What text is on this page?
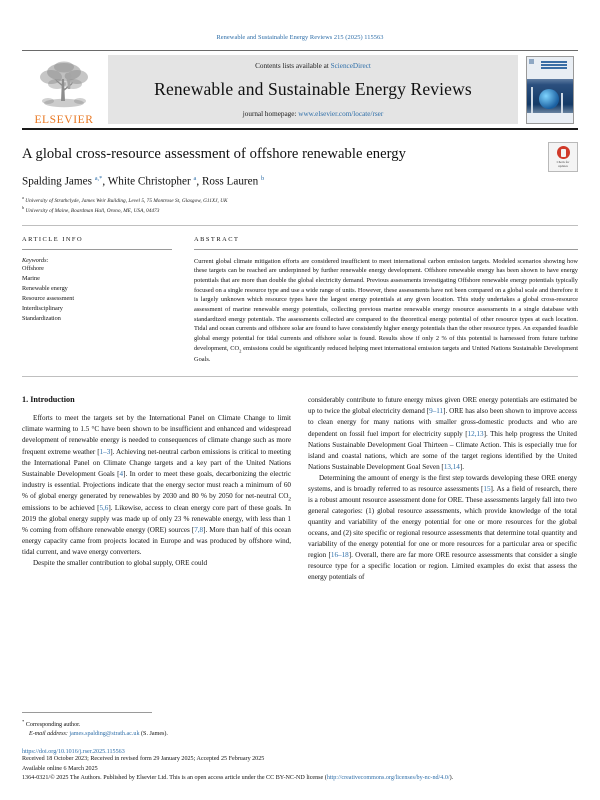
Renewable and Sustainable Energy Reviews 215 (2025) 115563
ELSEVIER
Contents lists available at ScienceDirect
Renewable and Sustainable Energy Reviews
journal homepage: www.elsevier.com/locate/rser
Check for
updates
A global cross-resource assessment of offshore renewable energy
Spalding James $^{a,*}$, White Christopher $^a$, Ross Lauren $^b$
$^a$ University of Strathclyde, James Weir Building, Level 5, 75 Montrose St, Glasgow, G11XJ, UK
$^b$ University of Maine, Boardman Hall, Orono, ME, USA, 04473
ARTICLE INFO
Keywords:
Offshore
Marine
Renewable energy
Resource assessment
Interdisciplinary
Standardization
ABSTRACT
Current global climate mitigation efforts are considered insufficient to meet international carbon emission targets. Modeled scenarios showing how these targets can be reached are underpinned by further renewable energy development. Offshore renewable energy has been shown to have energy potentials that are more than double the global electricity demand. Previous assessments investigating Offshore renewable energy potentials typically focused on a single resource type and use a wide range of units. However, these assessments have not been compared on a global scale and therefore it is largely unknown which resource types have the largest energy potentials at any given location. This study undertakes a global cross-resource assessment of marine renewable energy potentials, collecting previous marine renewable energy resource assessments in a single database with standardized energy potentials. The assessments collected are compared to the theoretical energy potential of other resource types at each location. Tidal and ocean currents and offshore solar are found to have consistently higher energy potentials than the other resource types. An expanded feasible global energy potential for tidal currents and offshore solar is found. Results show if only 2 % of this potential is harnessed from future turbine development, $CO_2$ emissions could be significantly reduced helping meet international emission targets and United Nations Sustainable Development Goals.
1. Introduction

Efforts to meet the targets set by the International Panel on Climate Change to limit climate warming to 1.5 °C have been shown to be insufficient and enhanced and widespread development of renewable energy is needed to consequences of climate change such as more frequent extreme weather [1–3]. Achieving net-neutral carbon emissions is critical to meeting the International Panel on Climate Change targets and a key part of the United Nations Sustainable Development Goals [4]. In order to meet these goals, decarbonizing the electric industry is essential. Projections indicate that the energy sector must reach a minimum of 60 % of global energy generated by renewables by 2030 and 80 % by 2050 for net-neutral $CO_2$ emissions to be achieved [5,6]. Likewise, access to clean energy core part of these goals. In 2019 the global energy supply was made up of only 23 % renewable energy, with less than 1 % coming from offshore renewable energy (ORE) sources [7,8]. More than half of this ocean energy capacity came from projects located in Europe and was produced by offshore wind, tidal current, and wave energy converters.

Despite the smaller contribution to global supply, ORE could

considerably contribute to future energy mixes given ORE energy potentials are estimated be up to twice the global electricity demand [9–11]. ORE has also been shown to improve access to clean energy for many nations with smaller gross-domestic products and who are dependent on fossil fuel import for electricity supply [12,13]. This help progress the United Nations Sustainable Development Goal Thirteen – Climate Action. This is especially true for island and coastal nations, which are some of the target regions identified by the United Nations Sustainable Development Goal Seven [13,14].

Determining the amount of energy is the first step towards developing these ORE energy systems, and is broadly referred to as resource assessments [15]. As a field of research, there is a robust amount resource assessment done for ORE. These assessments largely fall into two general categories: (1) global resource assessments, which provide knowledge of the total quantity and variability of the energy potential for one or more resources for the global oceans, and (2) site specific or regional resource assessments that determine total quantity and variability of the energy potential for one or more resources for a particular area or specific region [16–18]. Overall, there are far more ORE resource assessments that consider a single resource type for a specific location or region. Limited examples do exist that assess the energy potentials of

* Corresponding author.
E-mail address: james.spalding@strath.ac.uk (S. James).
https://doi.org/10.1016/j.rser.2025.115563
Received 18 October 2023; Received in revised form 29 January 2025; Accepted 25 February 2025
Available online 6 March 2025
1364-0321/© 2025 The Authors. Published by Elsevier Ltd. This is an open access article under the CC BY-NC-ND license (http://creativecommons.org/licenses/by-nc-nd/4.0/).
